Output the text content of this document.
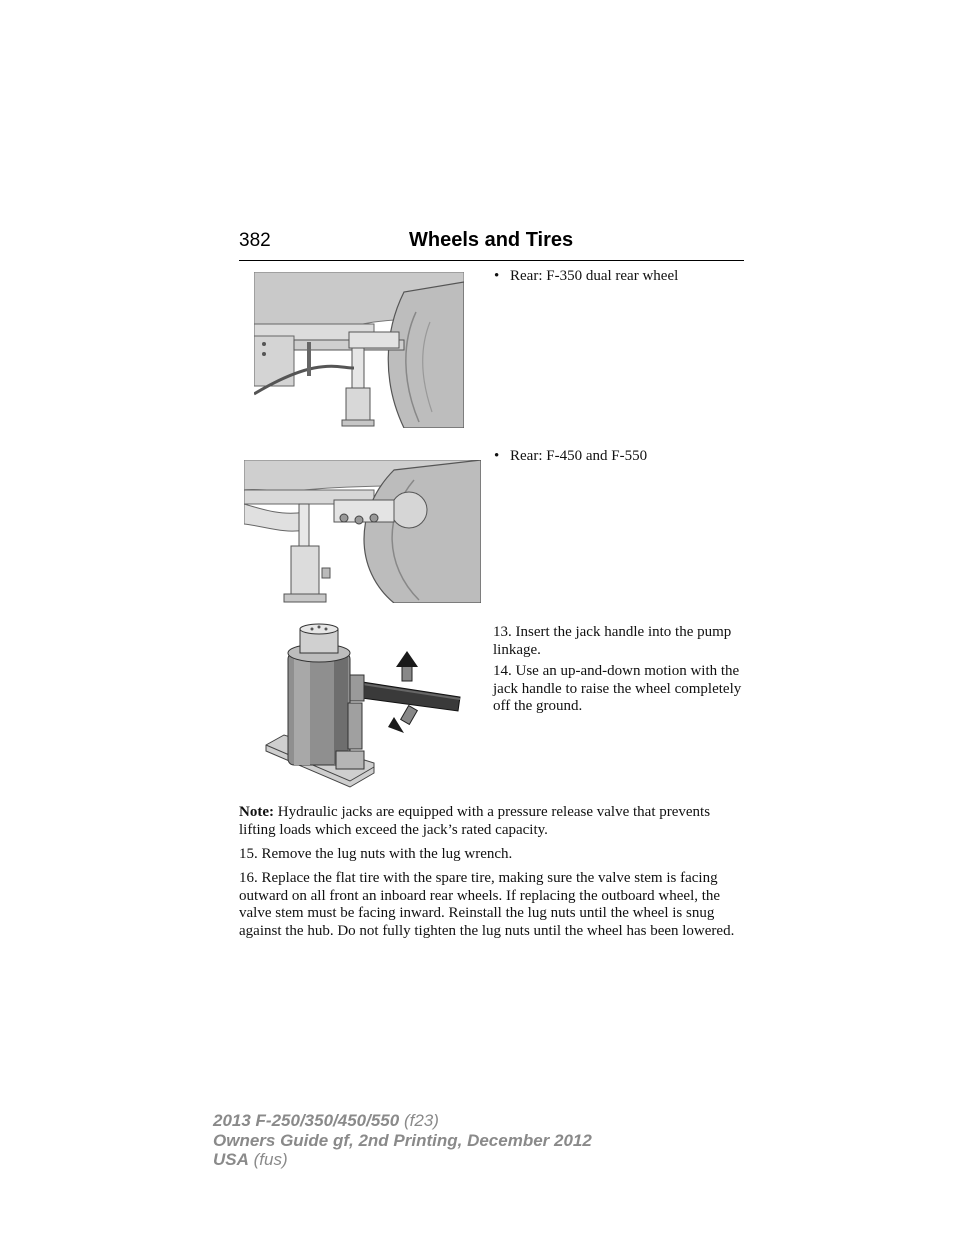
382	Wheels and Tires
• Rear: F-350 dual rear wheel
• Rear: F-450 and F-550
13. Insert the jack handle into the pump linkage.
14. Use an up-and-down motion with the jack handle to raise the wheel completely off the ground.
Note: Hydraulic jacks are equipped with a pressure release valve that prevents lifting loads which exceed the jack’s rated capacity.
15. Remove the lug nuts with the lug wrench.
16. Replace the flat tire with the spare tire, making sure the valve stem is facing outward on all front an inboard rear wheels. If replacing the outboard wheel, the valve stem must be facing inward. Reinstall the lug nuts until the wheel is snug against the hub. Do not fully tighten the lug nuts until the wheel has been lowered.
2013 F-250/350/450/550 (f23)
Owners Guide gf, 2nd Printing, December 2012
USA (fus)
